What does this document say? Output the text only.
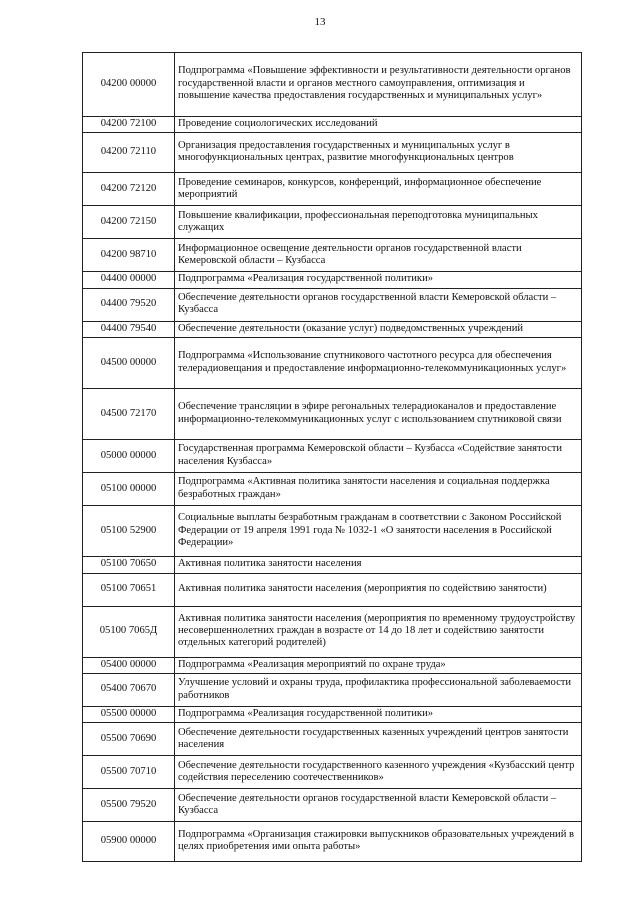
13
04200 00000	Подпрограмма «Повышение эффективности и результативности деятельности органов государственной власти и органов местного самоуправления, оптимизация и повышение качества предоставления государственных и муниципальных услуг»
04200 72100	Проведение социологических исследований
04200 72110	Организация предоставления государственных и муниципальных услуг в многофункциональных центрах, развитие многофункциональных центров
04200 72120	Проведение семинаров, конкурсов, конференций, информационное обеспечение мероприятий
04200 72150	Повышение квалификации, профессиональная переподготовка муниципальных служащих
04200 98710	Информационное освещение деятельности органов государственной власти Кемеровской области – Кузбасса
04400 00000	Подпрограмма «Реализация государственной политики»
04400 79520	Обеспечение деятельности органов государственной власти Кемеровской области – Кузбасса
04400 79540	Обеспечение деятельности (оказание услуг) подведомственных учреждений
04500 00000	Подпрограмма «Использование спутникового частотного ресурса для обеспечения телерадиовещания и предоставление информационно-телекоммуникационных услуг»
04500 72170	Обеспечение трансляции в эфире регональных телерадиоканалов и предоставление информационно-телекоммуникационных услуг с использованием спутниковой связи
05000 00000	Государственная программа Кемеровской области – Кузбасса «Содействие занятости населения Кузбасса»
05100 00000	Подпрограмма «Активная политика занятости населения и социальная поддержка безработных граждан»
05100 52900	Социальные выплаты безработным гражданам в соответствии с Законом Российской Федерации от 19 апреля 1991 года № 1032-1 «О занятости населения в Российской Федерации»
05100 70650	Активная политика занятости населения
05100 70651	Активная политика занятости населения (мероприятия по содействию занятости)
05100 7065Д	Активная политика занятости населения (мероприятия по временному трудоустройству несовершеннолетних граждан в возрасте от 14 до 18 лет и содействию занятости отдельных категорий родителей)
05400 00000	Подпрограмма «Реализация мероприятий по охране труда»
05400 70670	Улучшение условий и охраны труда, профилактика профессиональной заболеваемости работников
05500 00000	Подпрограмма «Реализация государственной политики»
05500 70690	Обеспечение деятельности государственных казенных учреждений центров занятости населения
05500 70710	Обеспечение деятельности государственного казенного учреждения «Кузбасский центр содействия переселению соотечественников»
05500 79520	Обеспечение деятельности органов государственной власти Кемеровской области – Кузбасса
05900 00000	Подпрограмма «Организация стажировки выпускников образовательных учреждений в целях приобретения ими опыта работы»
